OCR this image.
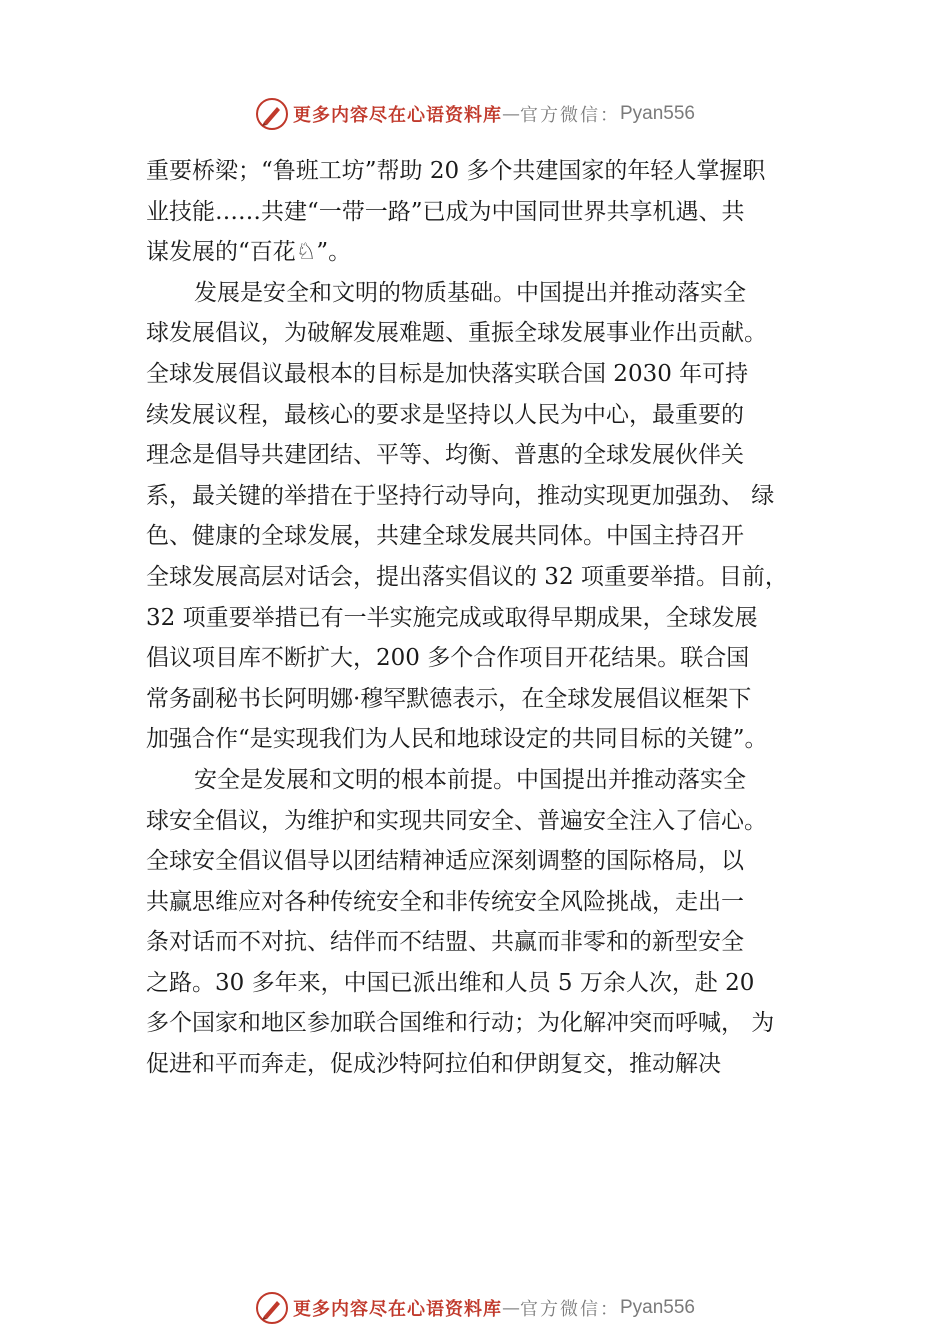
更多内容尽在心语资料库 — 官方微信： Pyan556
重要桥梁；“鲁班工坊”帮助 20 多个共建国家的年轻人掌握职
业技能……共建“一带一路”已成为中国同世界共享机遇、共
谋发展的“百花♘”。
发展是安全和文明的物质基础。中国提出并推动落实全
球发展倡议，为破解发展难题、重振全球发展事业作出贡献。
全球发展倡议最根本的目标是加快落实联合国 2030 年可持
续发展议程，最核心的要求是坚持以人民为中心，最重要的
理念是倡导共建团结、平等、均衡、普惠的全球发展伙伴关
系，最关键的举措在于坚持行动导向，推动实现更加强劲、 绿
色、健康的全球发展，共建全球发展共同体。中国主持召开
全球发展高层对话会，提出落实倡议的 32 项重要举措。目前，
32 项重要举措已有一半实施完成或取得早期成果，全球发展
倡议项目库不断扩大，200 多个合作项目开花结果。联合国
常务副秘书长阿明娜·穆罕默德表示，在全球发展倡议框架下
加强合作“是实现我们为人民和地球设定的共同目标的关键”。
安全是发展和文明的根本前提。中国提出并推动落实全
球安全倡议，为维护和实现共同安全、普遍安全注入了信心。
全球安全倡议倡导以团结精神适应深刻调整的国际格局，以
共赢思维应对各种传统安全和非传统安全风险挑战，走出一
条对话而不对抗、结伴而不结盟、共赢而非零和的新型安全
之路。30 多年来，中国已派出维和人员 5 万余人次，赴 20
多个国家和地区参加联合国维和行动；为化解冲突而呼喊， 为
促进和平而奔走，促成沙特阿拉伯和伊朗复交，推动解决
更多内容尽在心语资料库 — 官方微信： Pyan556
